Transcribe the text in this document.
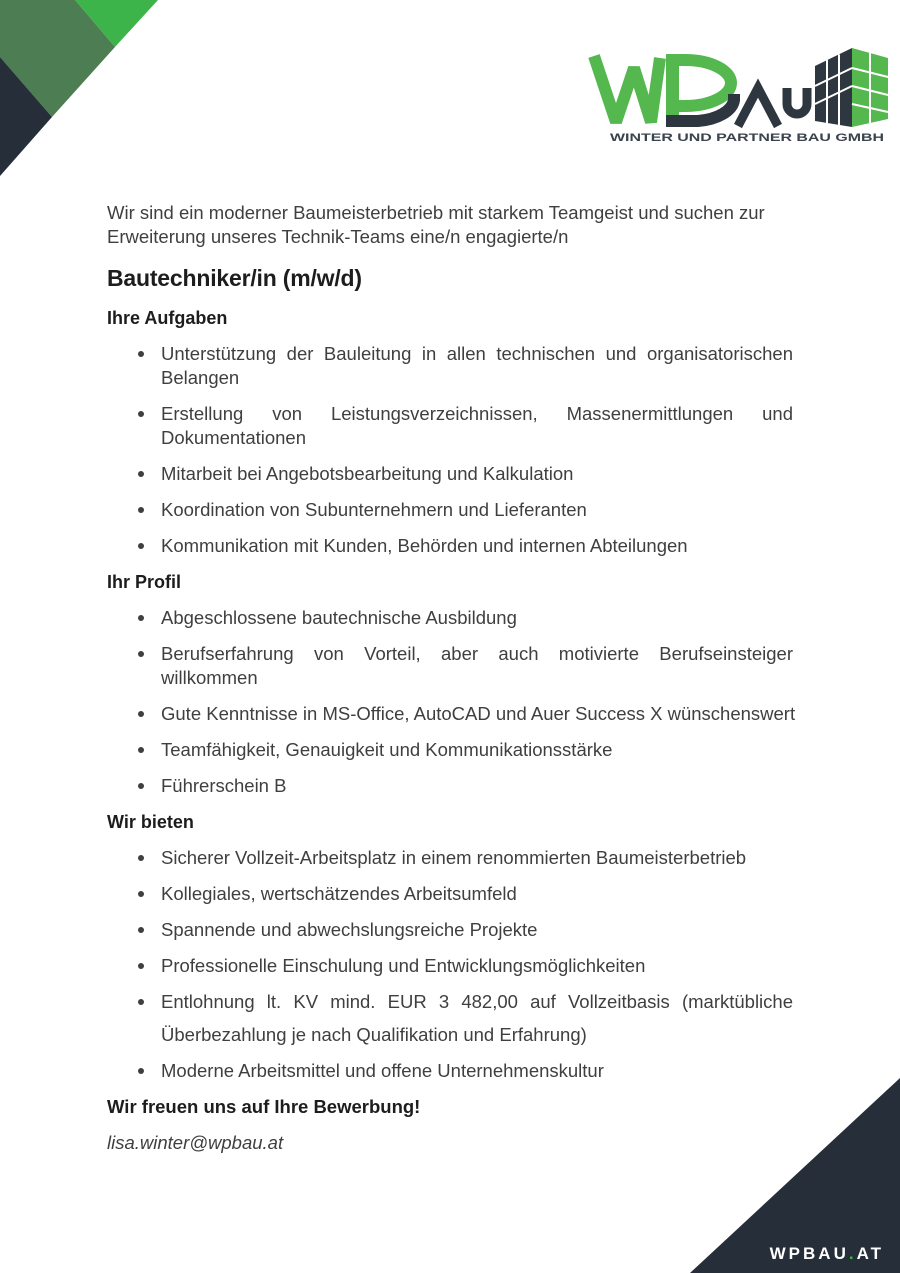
WINTER UND PARTNER BAU GMBH

Wir sind ein moderner Baumeisterbetrieb mit starkem Teamgeist und suchen zur
Erweiterung unseres Technik-Teams eine/n engagierte/n

Bautechniker/in (m/w/d)
Ihre Aufgaben
Unterstützung der Bauleitung in allen technischen und organisatorischen
Belangen
Erstellung von Leistungsverzeichnissen, Massenermittlungen und
Dokumentationen
Mitarbeit bei Angebotsbearbeitung und Kalkulation
Koordination von Subunternehmern und Lieferanten
Kommunikation mit Kunden, Behörden und internen Abteilungen
Ihr Profil
Abgeschlossene bautechnische Ausbildung
Berufserfahrung von Vorteil, aber auch motivierte Berufseinsteiger
willkommen
Gute Kenntnisse in MS-Office, AutoCAD und Auer Success X wünschenswert
Teamfähigkeit, Genauigkeit und Kommunikationsstärke
Führerschein B
Wir bieten
Sicherer Vollzeit-Arbeitsplatz in einem renommierten Baumeisterbetrieb
Kollegiales, wertschätzendes Arbeitsumfeld
Spannende und abwechslungsreiche Projekte
Professionelle Einschulung und Entwicklungsmöglichkeiten
Entlohnung lt. KV mind. EUR 3 482,00 auf Vollzeitbasis (marktübliche
Überbezahlung je nach Qualifikation und Erfahrung)
Moderne Arbeitsmittel und offene Unternehmenskultur

Wir freuen uns auf Ihre Bewerbung!

lisa.winter@wpbau.at

WPBAU.AT
